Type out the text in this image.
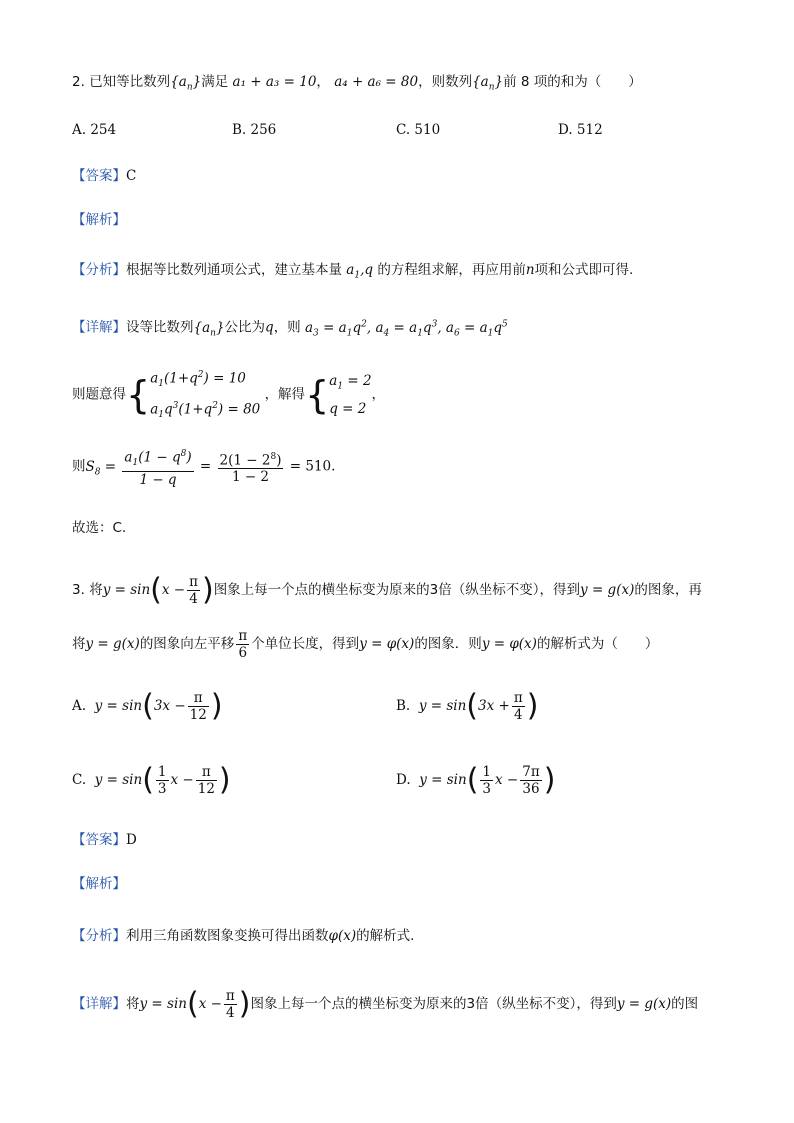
2. 已知等比数列$\{a_n\}$满足 a₁ + a₃ = 10， a₄ + a₆ = 80，则数列$\{a_n\}$前 8 项的和为（　　）
A. 254	B. 256	C. 510	D. 512
【答案】C
【解析】
【分析】根据等比数列通项公式，建立基本量 $a_1,q$ 的方程组求解，再应用前n项和公式即可得.
【详解】设等比数列$\{a_n\}$公比为q，则 $a_3 = a_1q^2$, $a_4 = a_1q^3$, $a_6 = a_1q^5$
则题意得{ $a_1(1+q^2) = 10$
$a_1q^3(1+q^2) = 80$
，解得{ $a_1 = 2$
q = 2
，
则$S_8 = \frac{a_1(1 - q^8)}{1 - q} = \frac{2(1 - 2^8)}{1 - 2} = 510$.
故选：C.
3. 将$y = \sin(x - \frac{\pi}{4}$ )图象上每一个点的横坐标变为原来的3倍（纵坐标不变），得到y = g(x)的图象，再
将y = g(x)的图象向左平移 $\frac{\pi}{6}$ 个单位长度，得到y = φ(x)的图象．则y = φ(x)的解析式为（　　）
A. $y = \sin(3x - \frac{\pi}{12}$ )	B. $y = \sin(3x + \frac{\pi}{4}$ )
C. $y = \sin( \frac{1}{3}$ $x - \frac{\pi}{12}$ )	D. $y = \sin( \frac{1}{3}$ $x - \frac{7\pi}{36}$ )
【答案】D
【解析】
【分析】利用三角函数图象变换可得出函数φ(x)的解析式.
【详解】将$y = \sin(x - \frac{\pi}{4}$ )图象上每一个点的横坐标变为原来的3倍（纵坐标不变），得到y = g(x)的图
